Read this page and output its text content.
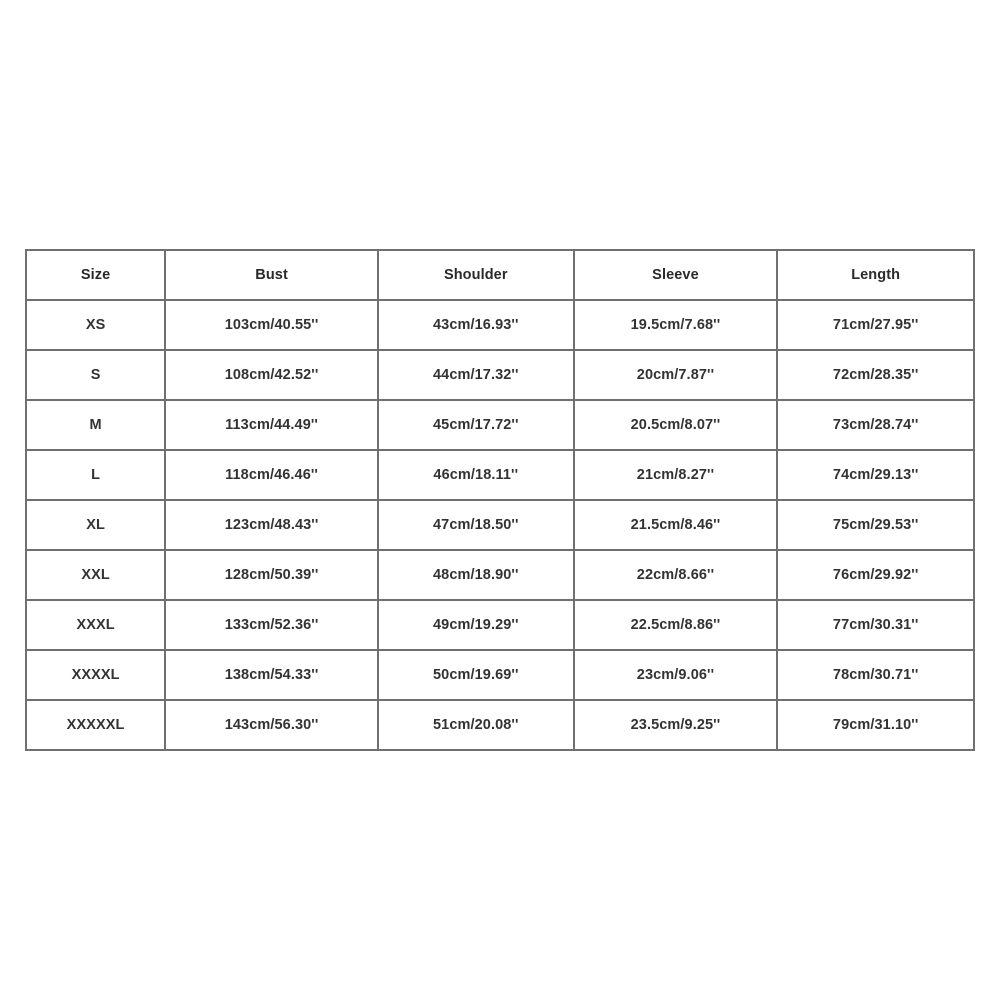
Size	Bust	Shoulder	Sleeve	Length
XS	103cm/40.55''	43cm/16.93''	19.5cm/7.68''	71cm/27.95''
S	108cm/42.52''	44cm/17.32''	20cm/7.87''	72cm/28.35''
M	113cm/44.49''	45cm/17.72''	20.5cm/8.07''	73cm/28.74''
L	118cm/46.46''	46cm/18.11''	21cm/8.27''	74cm/29.13''
XL	123cm/48.43''	47cm/18.50''	21.5cm/8.46''	75cm/29.53''
XXL	128cm/50.39''	48cm/18.90''	22cm/8.66''	76cm/29.92''
XXXL	133cm/52.36''	49cm/19.29''	22.5cm/8.86''	77cm/30.31''
XXXXL	138cm/54.33''	50cm/19.69''	23cm/9.06''	78cm/30.71''
XXXXXL	143cm/56.30''	51cm/20.08''	23.5cm/9.25''	79cm/31.10''
